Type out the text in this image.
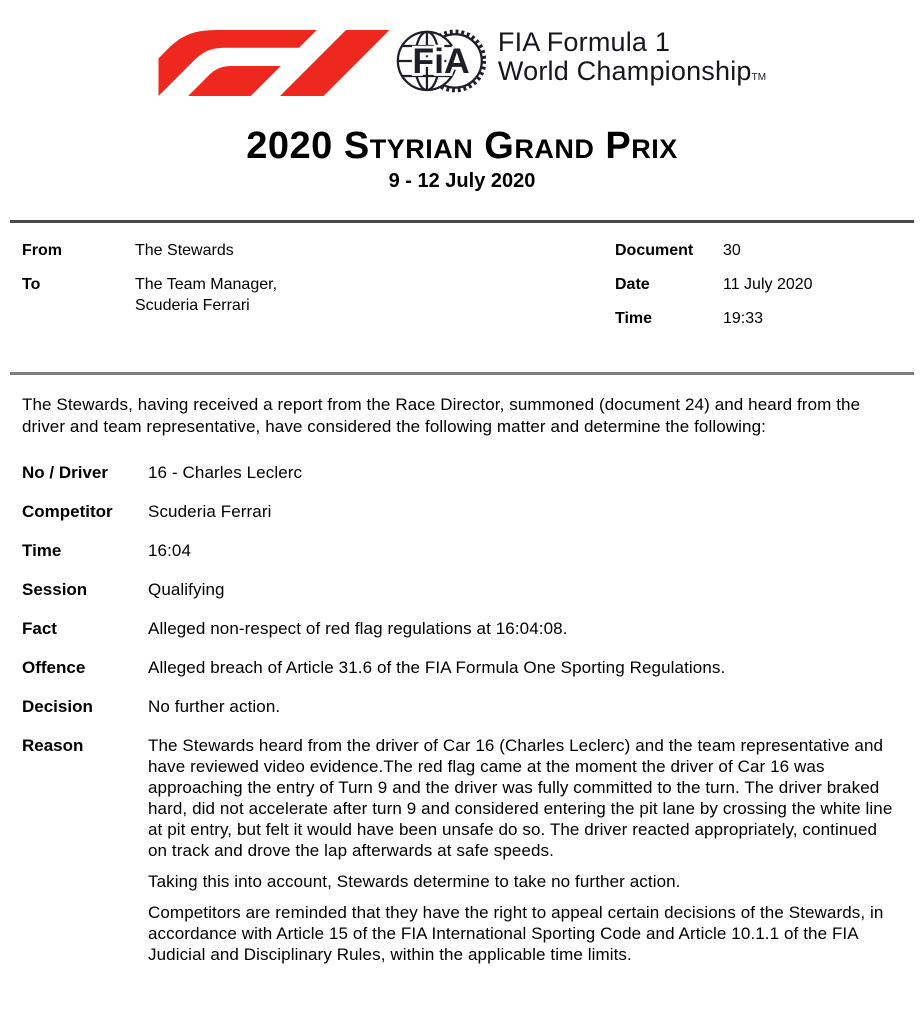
FiA FIA Formula 1
World ChampionshipTM
2020 Styrian Grand Prix
9 - 12 July 2020
From	The Stewards
To	The Team Manager,
Scuderia Ferrari
Document	30
Date	11 July 2020
Time	19:33
The Stewards, having received a report from the Race Director, summoned (document 24) and heard from the driver and team representative, have considered the following matter and determine the following:
No / Driver	16 - Charles Leclerc
Competitor	Scuderia Ferrari
Time	16:04
Session	Qualifying
Fact	Alleged non-respect of red flag regulations at 16:04:08.
Offence	Alleged breach of Article 31.6 of the FIA Formula One Sporting Regulations.
Decision	No further action.
Reason	The Stewards heard from the driver of Car 16 (Charles Leclerc) and the team representative and have reviewed video evidence.The red flag came at the moment the driver of Car 16 was approaching the entry of Turn 9 and the driver was fully committed to the turn. The driver braked hard, did not accelerate after turn 9 and considered entering the pit lane by crossing the white line at pit entry, but felt it would have been unsafe do so. The driver reacted appropriately, continued on track and drove the lap afterwards at safe speeds.

Taking this into account, Stewards determine to take no further action.

Competitors are reminded that they have the right to appeal certain decisions of the Stewards, in accordance with Article 15 of the FIA International Sporting Code and Article 10.1.1 of the FIA Judicial and Disciplinary Rules, within the applicable time limits.
